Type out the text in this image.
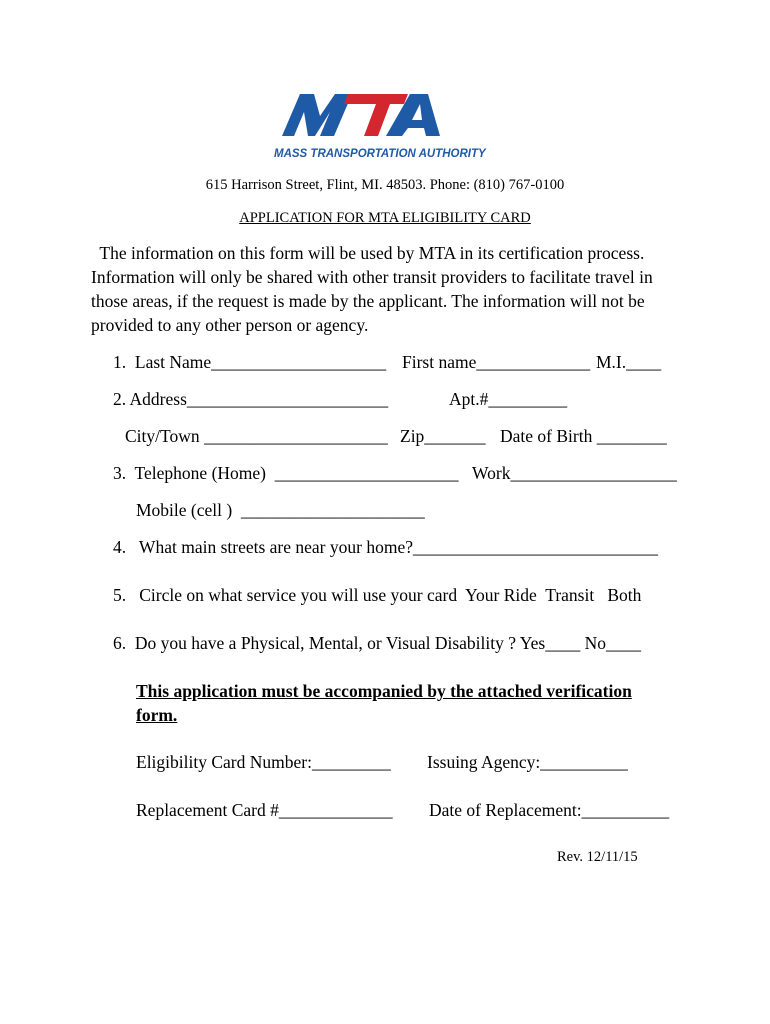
MASS TRANSPORTATION AUTHORITY
615 Harrison Street, Flint, MI. 48503. Phone: (810) 767-0100
APPLICATION FOR MTA ELIGIBILITY CARD
The information on this form will be used by MTA in its certification process.
Information will only be shared with other transit providers to facilitate travel in
those areas, if the request is made by the applicant. The information will not be
provided to any other person or agency.
1.  Last Name____________________ First name_____________ M.I.____
2. Address_______________________	Apt.#_________
City/Town _____________________ Zip_______ Date of Birth ________
3.  Telephone (Home)  _____________________ Work___________________
Mobile (cell )  _____________________
4.   What main streets are near your home?____________________________
5.   Circle on what service you will use your card  Your Ride  Transit   Both
6.  Do you have a Physical, Mental, or Visual Disability ? Yes____ No____
This application must be accompanied by the attached verification
form.
Eligibility Card Number:_________ Issuing Agency:__________
Replacement Card #_____________ Date of Replacement:__________
Rev. 12/11/15
